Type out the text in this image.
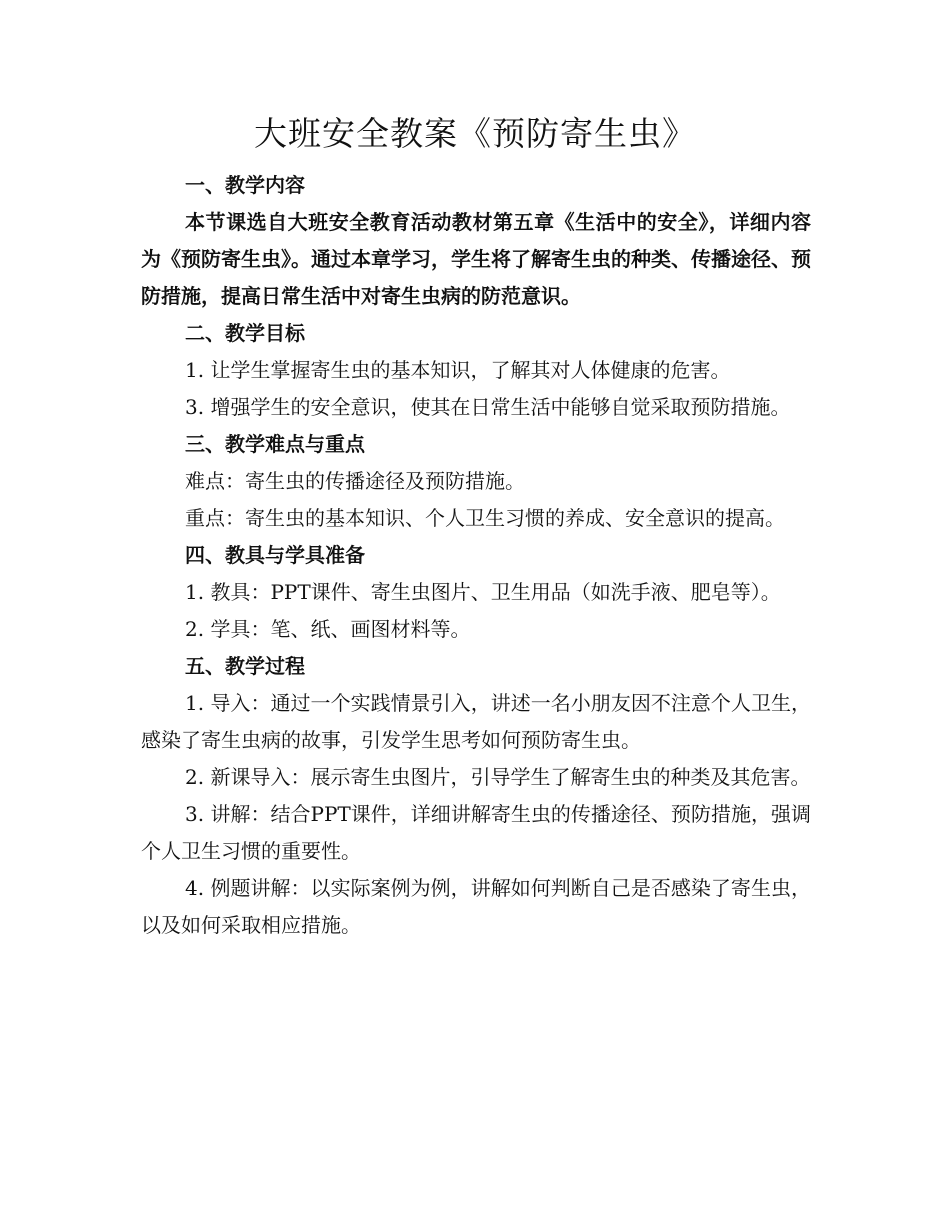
大班安全教案《预防寄生虫》

一、教学内容

本节课选自大班安全教育活动教材第五章《生活中的安全》，详细内容为《预防寄生虫》。通过本章学习，学生将了解寄生虫的种类、传播途径、预防措施，提高日常生活中对寄生虫病的防范意识。

二、教学目标

1. 让学生掌握寄生虫的基本知识，了解其对人体健康的危害。

3. 增强学生的安全意识，使其在日常生活中能够自觉采取预防措施。

三、教学难点与重点

难点：寄生虫的传播途径及预防措施。

重点：寄生虫的基本知识、个人卫生习惯的养成、安全意识的提高。

四、教具与学具准备

1. 教具：PPT课件、寄生虫图片、卫生用品（如洗手液、肥皂等）。

2. 学具：笔、纸、画图材料等。

五、教学过程

1. 导入：通过一个实践情景引入，讲述一名小朋友因不注意个人卫生，感染了寄生虫病的故事，引发学生思考如何预防寄生虫。

2. 新课导入：展示寄生虫图片，引导学生了解寄生虫的种类及其危害。

3. 讲解：结合PPT课件，详细讲解寄生虫的传播途径、预防措施，强调个人卫生习惯的重要性。

4. 例题讲解：以实际案例为例，讲解如何判断自己是否感染了寄生虫，以及如何采取相应措施。
